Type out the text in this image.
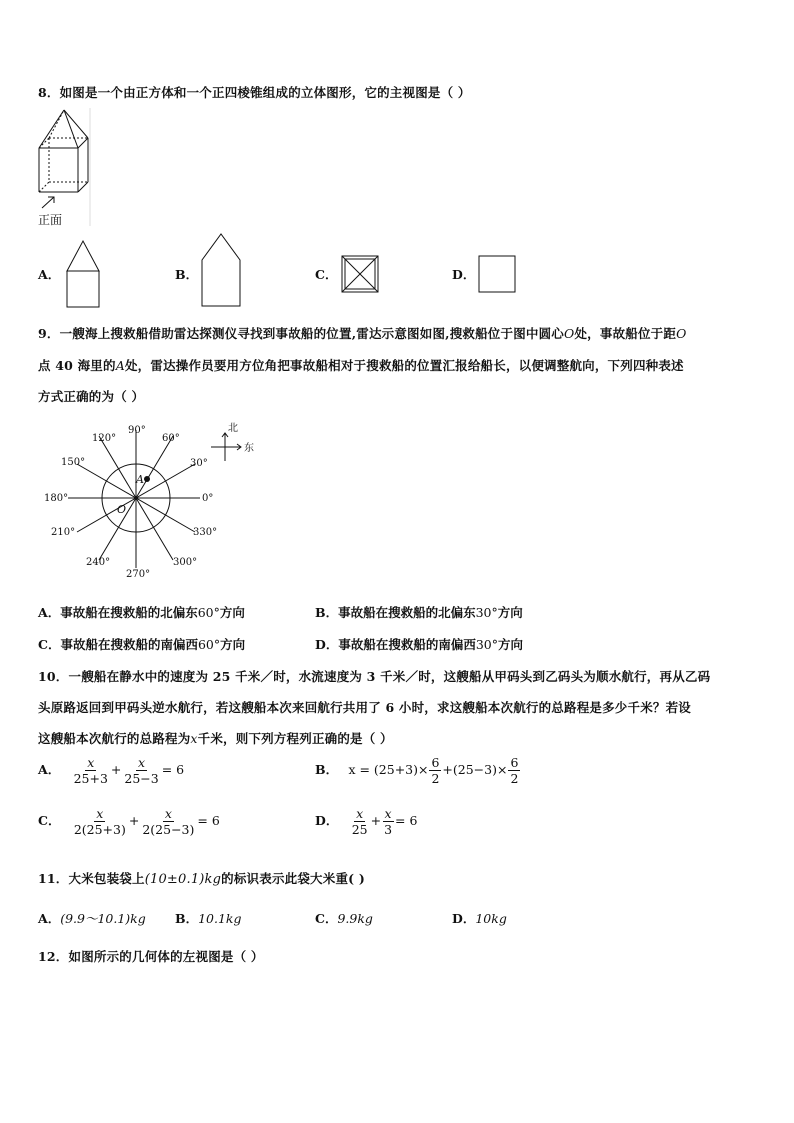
8．如图是一个由正方体和一个正四棱锥组成的立体图形，它的主视图是（ ）
正面
A．	B．	C．	D．
9．一艘海上搜救船借助雷达探测仪寻找到事故船的位置,雷达示意图如图,搜救船位于图中圆心O处，事故船位于距O
点 40 海里的A处，雷达操作员要用方位角把事故船相对于搜救船的位置汇报给船长，以便调整航向，下列四种表述
方式正确的为（ ）
90°
60°
30°
0°
330°
300°
270°
240°
210°
180°
150°
120°
A
O
北
东
A．事故船在搜救船的北偏东60°方向	B．事故船在搜救船的北偏东30°方向
C．事故船在搜救船的南偏西60°方向	D．事故船在搜救船的南偏西30°方向
10．一艘船在静水中的速度为 25 千米／时，水流速度为 3 千米／时，这艘船从甲码头到乙码头为顺水航行，再从乙码
头原路返回到甲码头逆水航行，若这艘船本次来回航行共用了 6 小时，求这艘船本次航行的总路程是多少千米？若设
这艘船本次航行的总路程为x千米，则下列方程列正确的是（ ）
A． $\frac{x}{25+3} + \frac{x}{25-3} = 6$	B． $x = (25+3)\times \frac{6}{2} +(25-3)\times \frac{6}{2}$
C． $\frac{x}{2(25+3)} + \frac{x}{2(25-3)} = 6$	D． $\frac{x}{25} + \frac{x}{3} = 6$
11．大米包装袋上(10±0.1)kg的标识表示此袋大米重( )
A．(9.9～10.1)kg B．10.1kg	C．9.9kg	D．10kg
12．如图所示的几何体的左视图是（ ）
